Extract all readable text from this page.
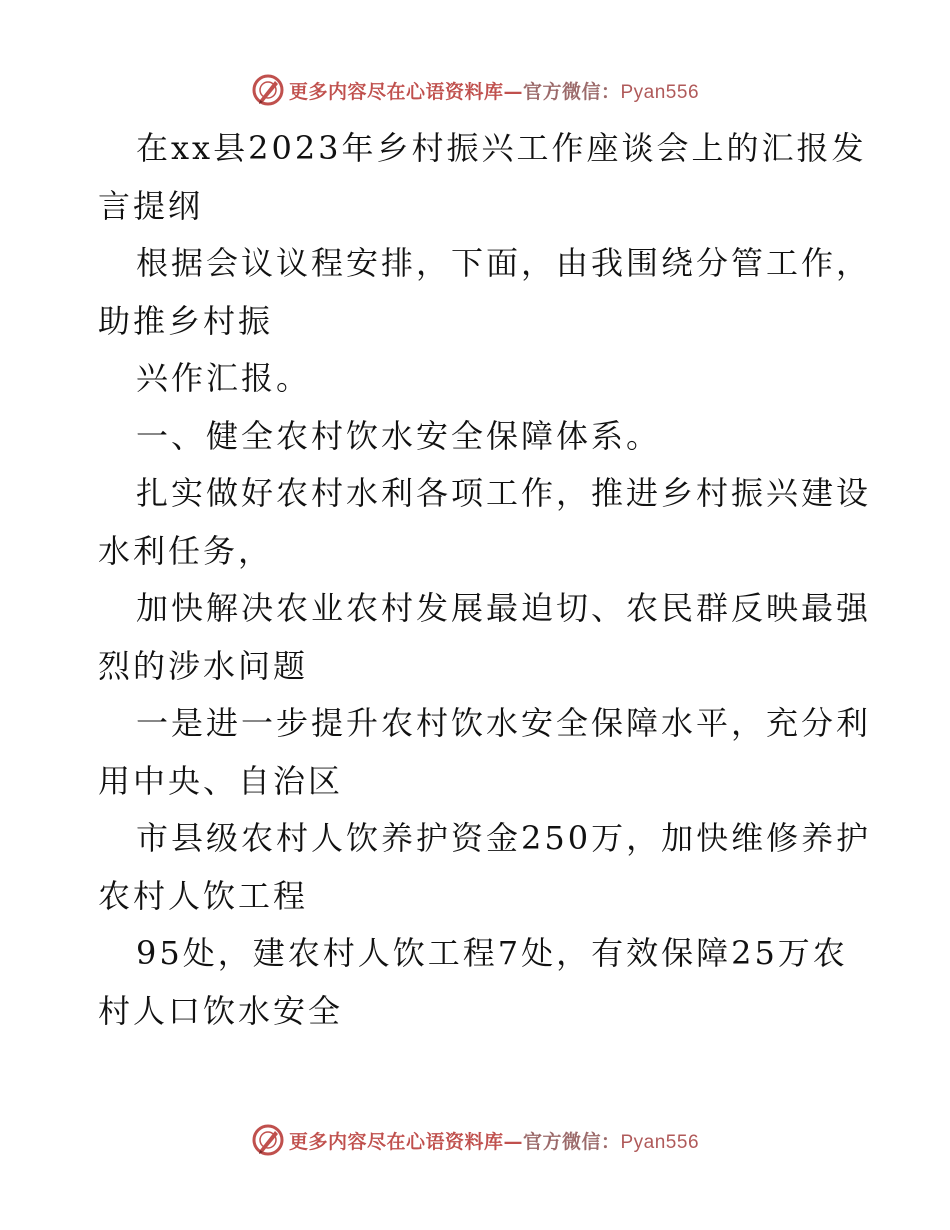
更多内容尽在心语资料库—官方微信：Pyan556
在xx县2023年乡村振兴工作座谈会上的汇报发
言提纲
根据会议议程安排，下面，由我围绕分管工作，
助推乡村振
兴作汇报。
一、健全农村饮水安全保障体系。
扎实做好农村水利各项工作，推进乡村振兴建设
水利任务，
加快解决农业农村发展最迫切、农民群反映最强
烈的涉水问题
一是进一步提升农村饮水安全保障水平，充分利
用中央、自治区
市县级农村人饮养护资金250万，加快维修养护
农村人饮工程
95处，建农村人饮工程7处，有效保障25万农
村人口饮水安全
更多内容尽在心语资料库—官方微信：Pyan556
